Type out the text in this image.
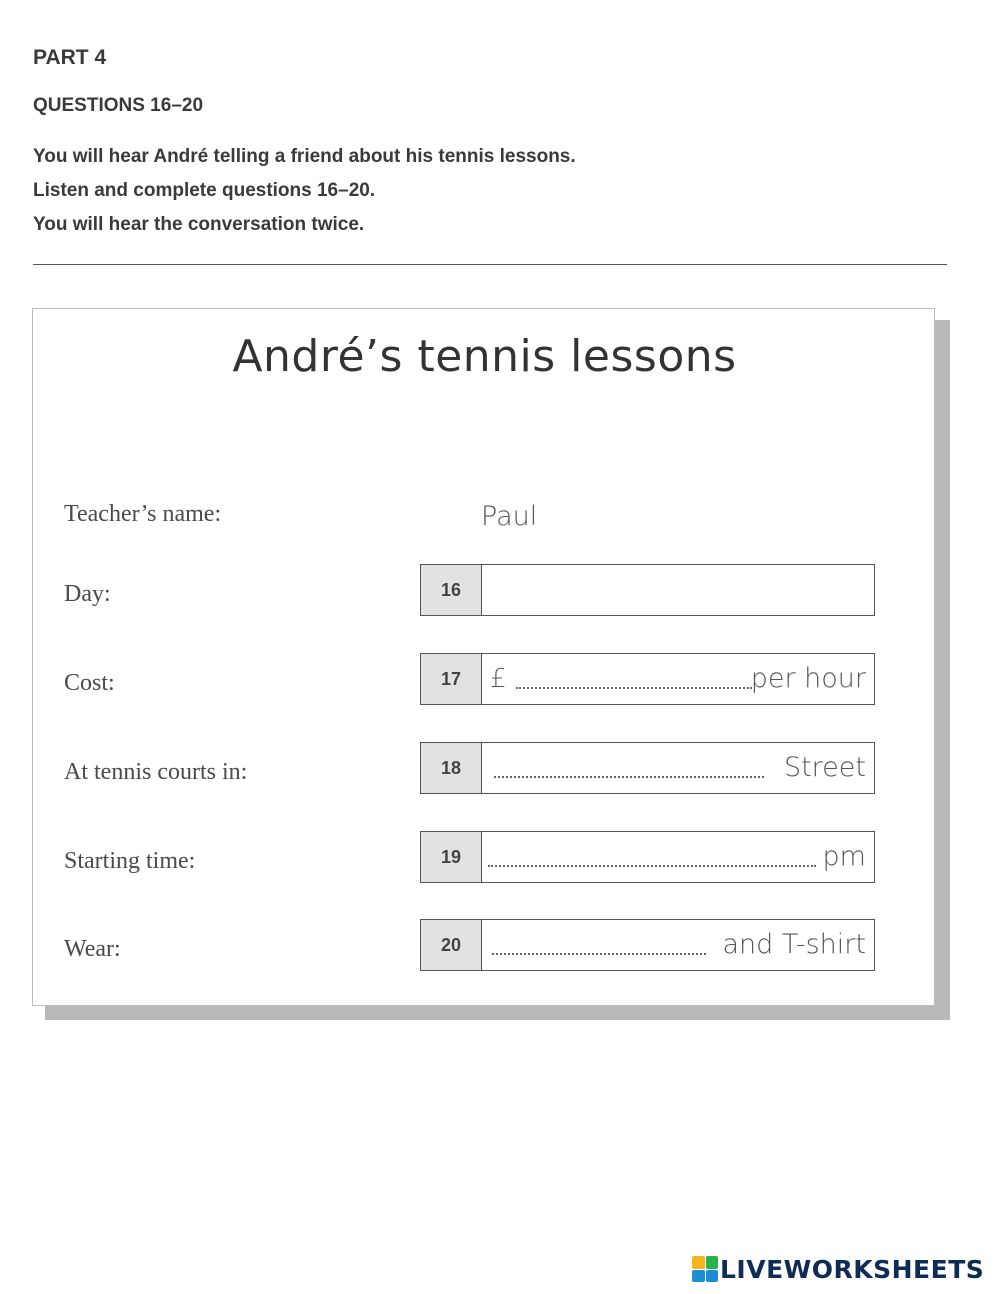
PART 4
QUESTIONS 16–20
You will hear André telling a friend about his tennis lessons.
Listen and complete questions 16–20.
You will hear the conversation twice.
André’s tennis lessons
Teacher’s name:	Paul
Day:	16
Cost:	17	£	per hour
At tennis courts in:	18	Street
Starting time:	19	pm
Wear:	20	and T-shirt
LIVEWORKSHEETS
